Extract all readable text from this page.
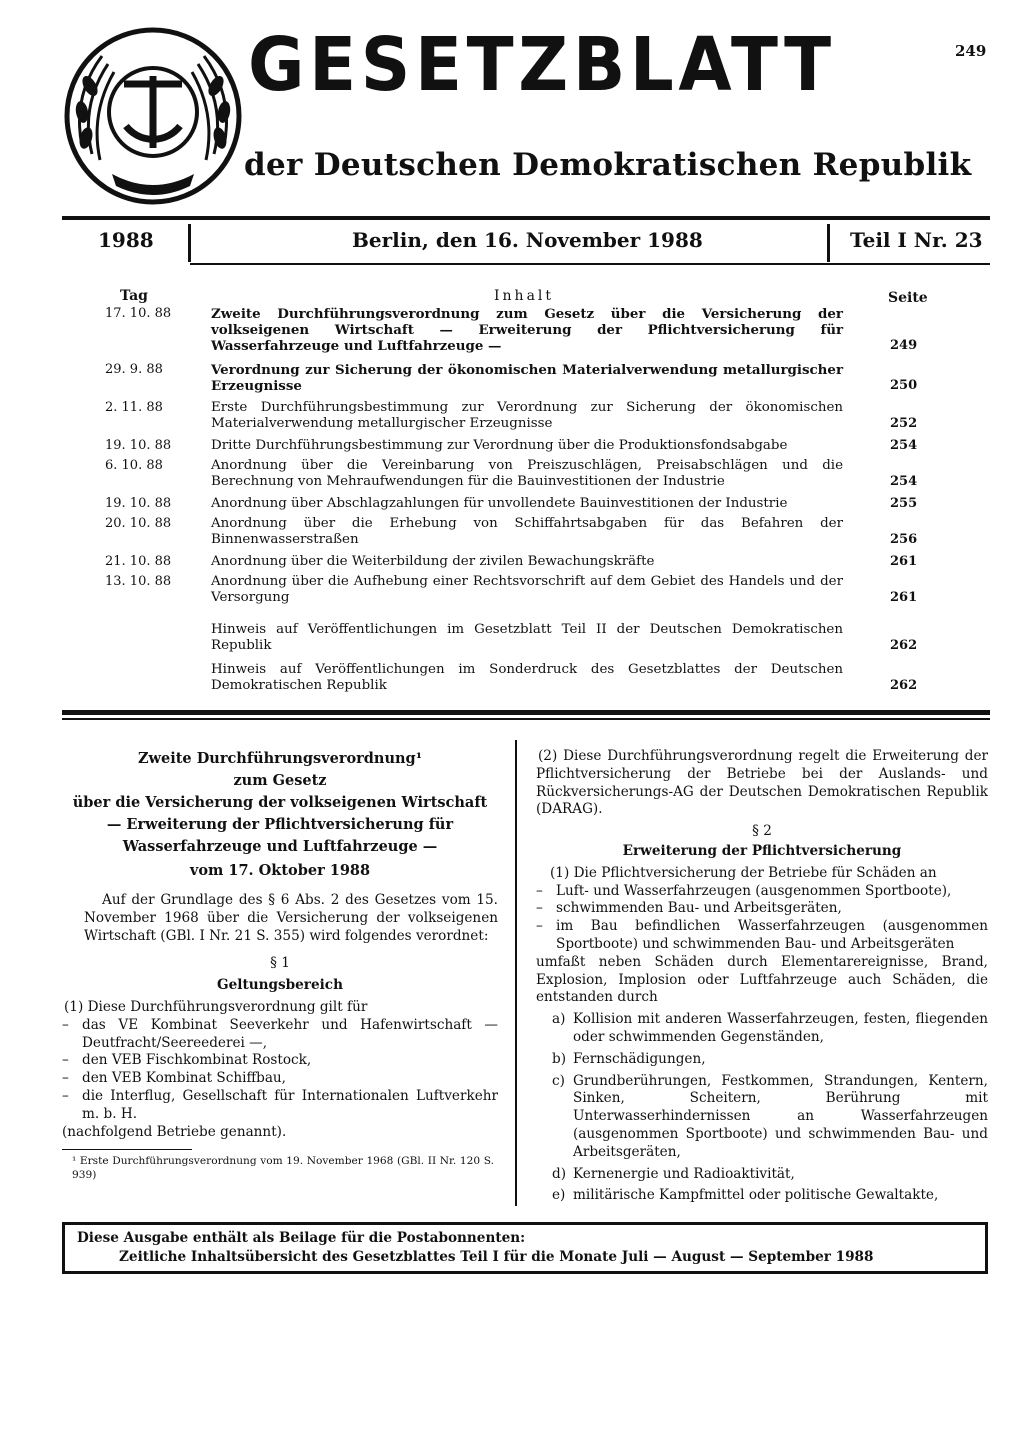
GESETZBLATT
der Deutschen Demokratischen Republik
249
1988	Berlin, den 16. November 1988	Teil I Nr. 23
Tag	Inhalt	Seite
17. 10. 88	Zweite Durchführungsverordnung zum Gesetz über die Versicherung der volkseigenen Wirtschaft — Erweiterung der Pflichtversicherung für Wasserfahrzeuge und Luftfahrzeuge —	249
29. 9. 88	Verordnung zur Sicherung der ökonomischen Materialverwendung metallurgischer Erzeugnisse	250
2. 11. 88	Erste Durchführungsbestimmung zur Verordnung zur Sicherung der ökonomischen Materialverwendung metallurgischer Erzeugnisse	252
19. 10. 88	Dritte Durchführungsbestimmung zur Verordnung über die Produktionsfondsabgabe	254
6. 10. 88	Anordnung über die Vereinbarung von Preiszuschlägen, Preisabschlägen und die Berechnung von Mehraufwendungen für die Bauinvestitionen der Industrie	254
19. 10. 88	Anordnung über Abschlagzahlungen für unvollendete Bauinvestitionen der Industrie	255
20. 10. 88	Anordnung über die Erhebung von Schiffahrtsabgaben für das Befahren der Binnenwasserstraßen	256
21. 10. 88	Anordnung über die Weiterbildung der zivilen Bewachungskräfte	261
13. 10. 88	Anordnung über die Aufhebung einer Rechtsvorschrift auf dem Gebiet des Handels und der Versorgung	261
Hinweis auf Veröffentlichungen im Gesetzblatt Teil II der Deutschen Demokratischen Republik	262
Hinweis auf Veröffentlichungen im Sonderdruck des Gesetzblattes der Deutschen Demokratischen Republik	262
Zweite Durchführungsverordnung¹
zum Gesetz
über die Versicherung der volkseigenen Wirtschaft
— Erweiterung der Pflichtversicherung für
Wasserfahrzeuge und Luftfahrzeuge —
vom 17. Oktober 1988
Auf der Grundlage des § 6 Abs. 2 des Gesetzes vom 15. November 1968 über die Versicherung der volkseigenen Wirtschaft (GBl. I Nr. 21 S. 355) wird folgendes verordnet:
§ 1
Geltungsbereich
(1) Diese Durchführungsverordnung gilt für
– das VE Kombinat Seeverkehr und Hafenwirtschaft — Deutfracht/Seereederei —,
– den VEB Fischkombinat Rostock,
– den VEB Kombinat Schiffbau,
– die Interflug, Gesellschaft für Internationalen Luftverkehr m. b. H.
(nachfolgend Betriebe genannt).
¹ Erste Durchführungsverordnung vom 19. November 1968 (GBl. II Nr. 120 S. 939)
(2) Diese Durchführungsverordnung regelt die Erweiterung der Pflichtversicherung der Betriebe bei der Auslands- und Rückversicherungs-AG der Deutschen Demokratischen Republik (DARAG).
§ 2
Erweiterung der Pflichtversicherung
(1) Die Pflichtversicherung der Betriebe für Schäden an
– Luft- und Wasserfahrzeugen (ausgenommen Sportboote),
– schwimmenden Bau- und Arbeitsgeräten,
– im Bau befindlichen Wasserfahrzeugen (ausgenommen Sportboote) und schwimmenden Bau- und Arbeitsgeräten
umfaßt neben Schäden durch Elementarereignisse, Brand, Explosion, Implosion oder Luftfahrzeuge auch Schäden, die entstanden durch
a) Kollision mit anderen Wasserfahrzeugen, festen, fliegenden oder schwimmenden Gegenständen,
b) Fernschädigungen,
c) Grundberührungen, Festkommen, Strandungen, Kentern, Sinken, Scheitern, Berührung mit Unterwasserhindernissen an Wasserfahrzeugen (ausgenommen Sportboote) und schwimmenden Bau- und Arbeitsgeräten,
d) Kernenergie und Radioaktivität,
e) militärische Kampfmittel oder politische Gewaltakte,
Diese Ausgabe enthält als Beilage für die Postabonnenten:
Zeitliche Inhaltsübersicht des Gesetzblattes Teil I für die Monate Juli — August — September 1988
